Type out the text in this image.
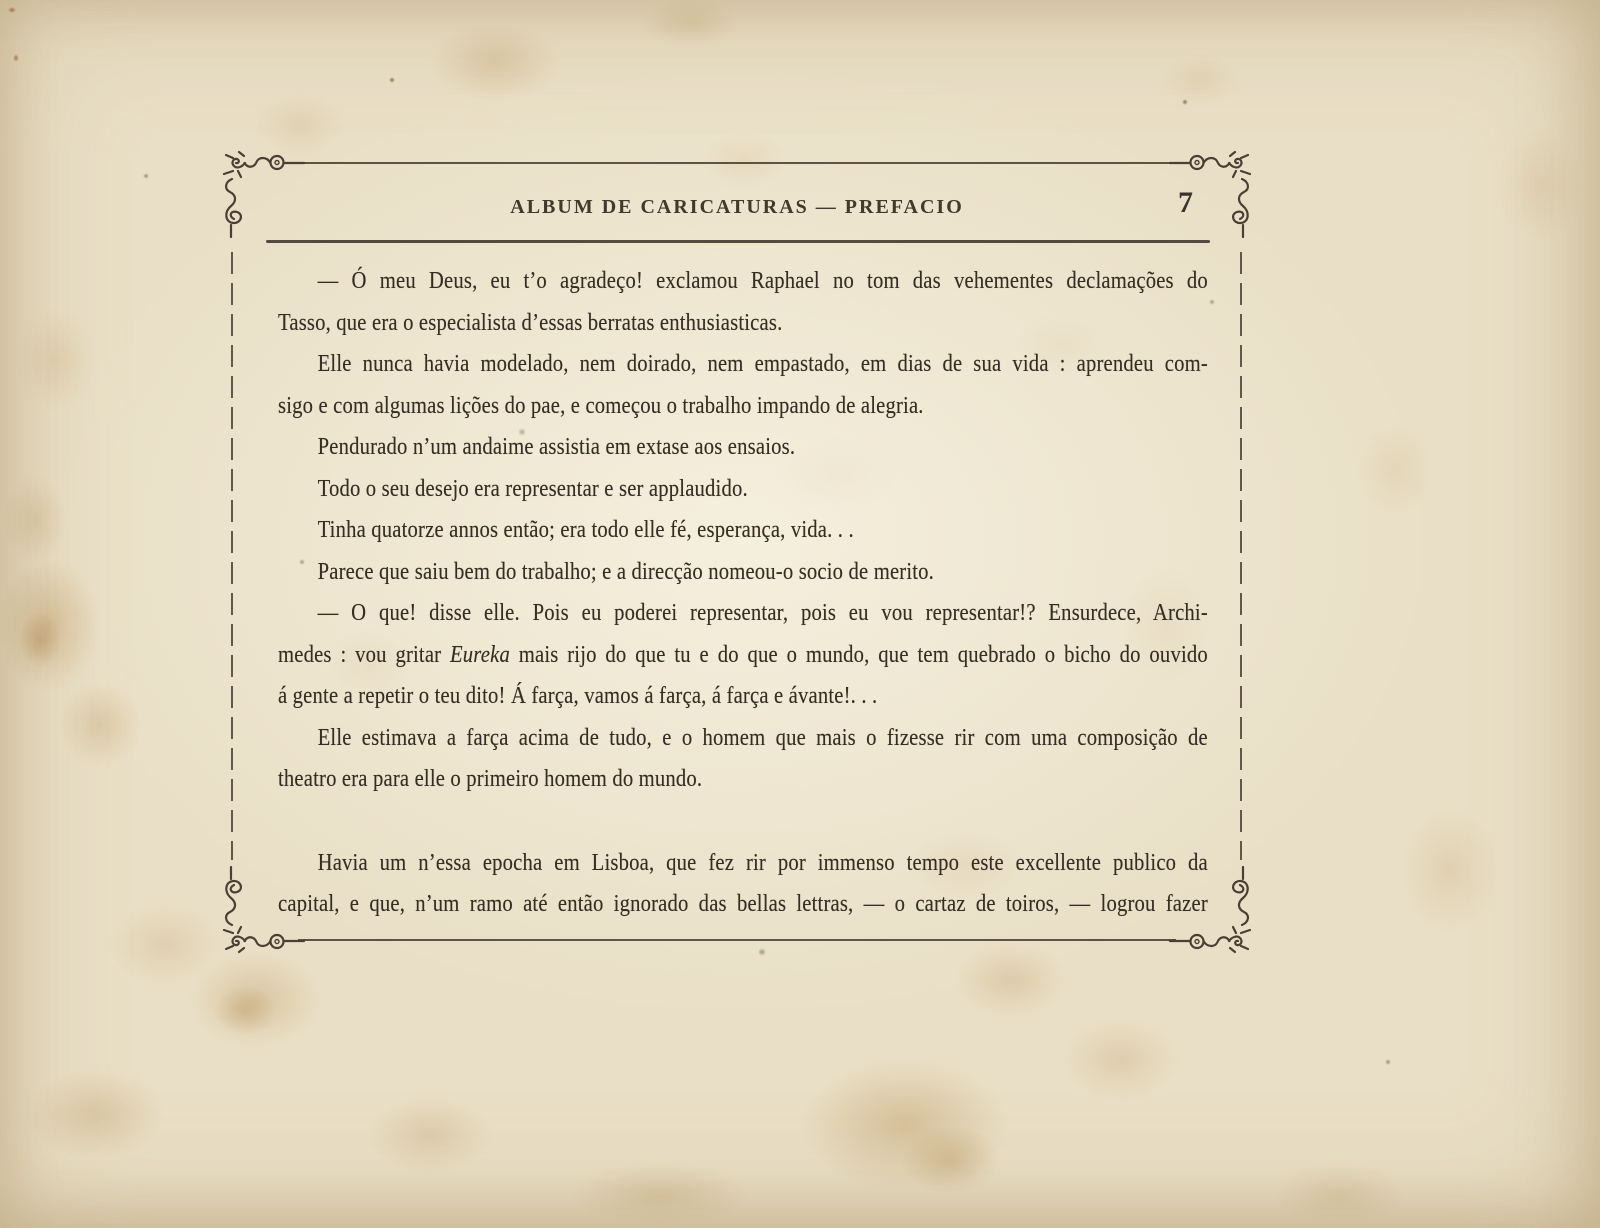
ALBUM DE CARICATURAS — PREFACIO	7
— Ó meu Deus, eu t’o agradeço! exclamou Raphael no tom das vehementes declamações do
Tasso, que era o especialista d’essas berratas enthusiasticas.
Elle nunca havia modelado, nem doirado, nem empastado, em dias de sua vida : aprendeu com-
sigo e com algumas lições do pae, e começou o trabalho impando de alegria.
Pendurado n’um andaime assistia em extase aos ensaios.
Todo o seu desejo era representar e ser applaudido.
Tinha quatorze annos então; era todo elle fé, esperança, vida. . .
Parece que saiu bem do trabalho; e a direcção nomeou-o socio de merito.
— O que! disse elle. Pois eu poderei representar, pois eu vou representar!? Ensurdece, Archi-
medes : vou gritar Eureka mais rijo do que tu e do que o mundo, que tem quebrado o bicho do ouvido
á gente a repetir o teu dito! Á farça, vamos á farça, á farça e ávante!. . .
Elle estimava a farça acima de tudo, e o homem que mais o fizesse rir com uma composição de
theatro era para elle o primeiro homem do mundo.
Havia um n’essa epocha em Lisboa, que fez rir por immenso tempo este excellente publico da
capital, e que, n’um ramo até então ignorado das bellas lettras, — o cartaz de toiros, — logrou fazer
